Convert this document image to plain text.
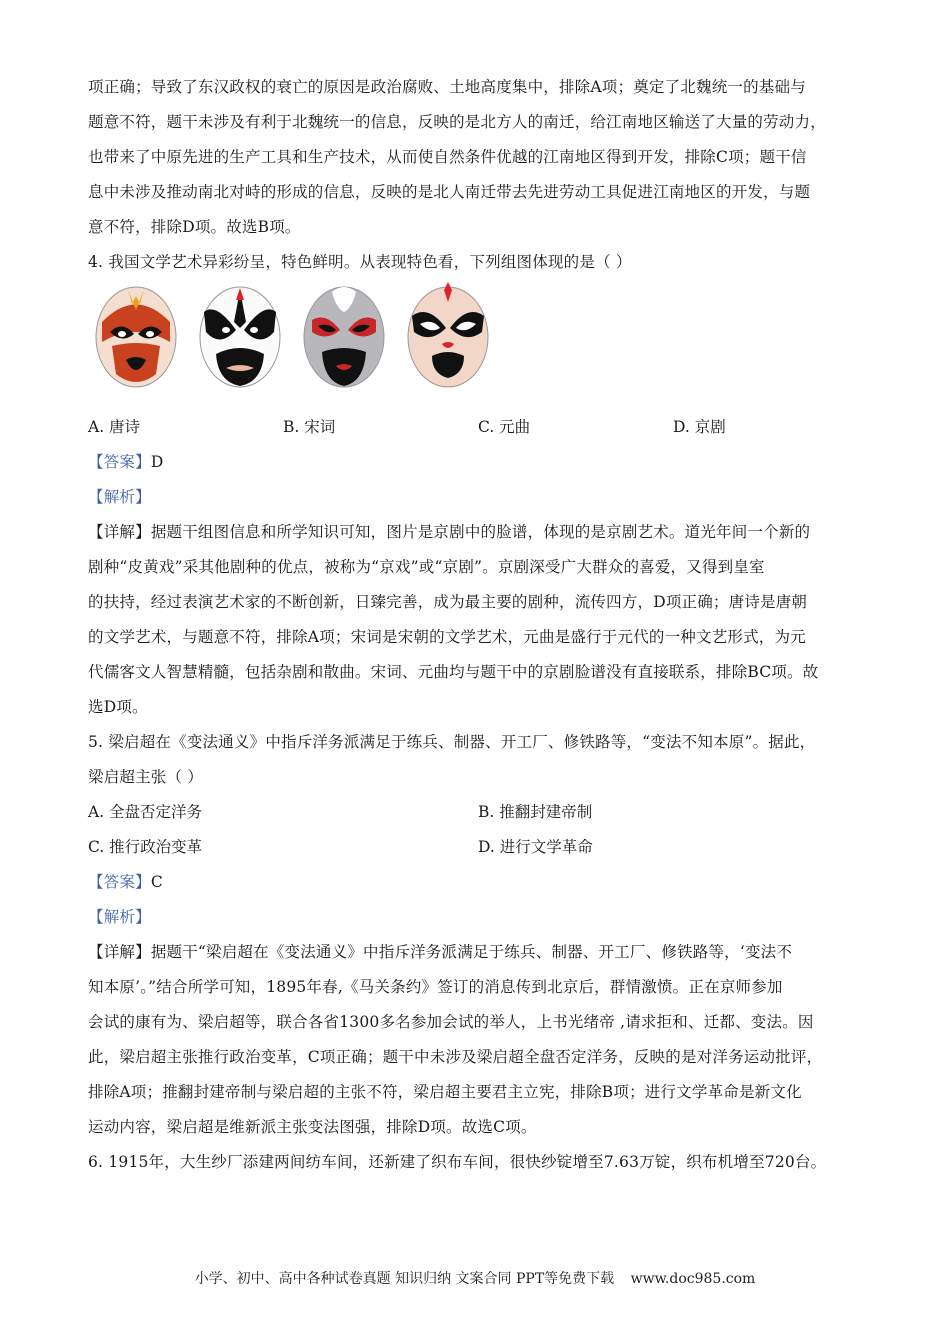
项正确；导致了东汉政权的衰亡的原因是政治腐败、土地高度集中，排除A项；奠定了北魏统一的基础与
题意不符，题干未涉及有利于北魏统一的信息，反映的是北方人的南迁，给江南地区输送了大量的劳动力，
也带来了中原先进的生产工具和生产技术，从而使自然条件优越的江南地区得到开发，排除C项；题干信
息中未涉及推动南北对峙的形成的信息，反映的是北人南迁带去先进劳动工具促进江南地区的开发，与题
意不符，排除D项。故选B项。
4. 我国文学艺术异彩纷呈，特色鲜明。从表现特色看，下列组图体现的是（ ）
A. 唐诗	B. 宋词	C. 元曲	D. 京剧
【答案】D
【解析】
【详解】据题干组图信息和所学知识可知，图片是京剧中的脸谱，体现的是京剧艺术。道光年间一个新的
剧种“皮黄戏”采其他剧种的优点，被称为“京戏”或“京剧”。京剧深受广大群众的喜爱，又得到皇室
的扶持，经过表演艺术家的不断创新，日臻完善，成为最主要的剧种，流传四方，D项正确；唐诗是唐朝
的文学艺术，与题意不符，排除A项；宋词是宋朝的文学艺术，元曲是盛行于元代的一种文艺形式，为元
代儒客文人智慧精髓，包括杂剧和散曲。宋词、元曲均与题干中的京剧脸谱没有直接联系，排除BC项。故
选D项。
5. 梁启超在《变法通义》中指斥洋务派满足于练兵、制器、开工厂、修铁路等，“变法不知本原”。据此，
梁启超主张（ ）
A. 全盘否定洋务	B. 推翻封建帝制
C. 推行政治变革	D. 进行文学革命
【答案】C
【解析】
【详解】据题干“梁启超在《变法通义》中指斥洋务派满足于练兵、制器、开工厂、修铁路等，‘变法不
知本原’。”结合所学可知，1895年春,《马关条约》签订的消息传到北京后，群情激愤。正在京师参加
会试的康有为、梁启超等，联合各省1300多名参加会试的举人，上书光绪帝 ,请求拒和、迁都、变法。因
此，梁启超主张推行政治变革，C项正确；题干中未涉及梁启超全盘否定洋务，反映的是对洋务运动批评，
排除A项；推翻封建帝制与梁启超的主张不符，梁启超主要君主立宪，排除B项；进行文学革命是新文化
运动内容，梁启超是维新派主张变法图强，排除D项。故选C项。
6. 1915年，大生纱厂添建两间纺车间，还新建了织布车间，很快纱锭增至7.63万锭，织布机增至720台。
小学、初中、高中各种试卷真题 知识归纳 文案合同 PPT等免费下载 www.doc985.com
